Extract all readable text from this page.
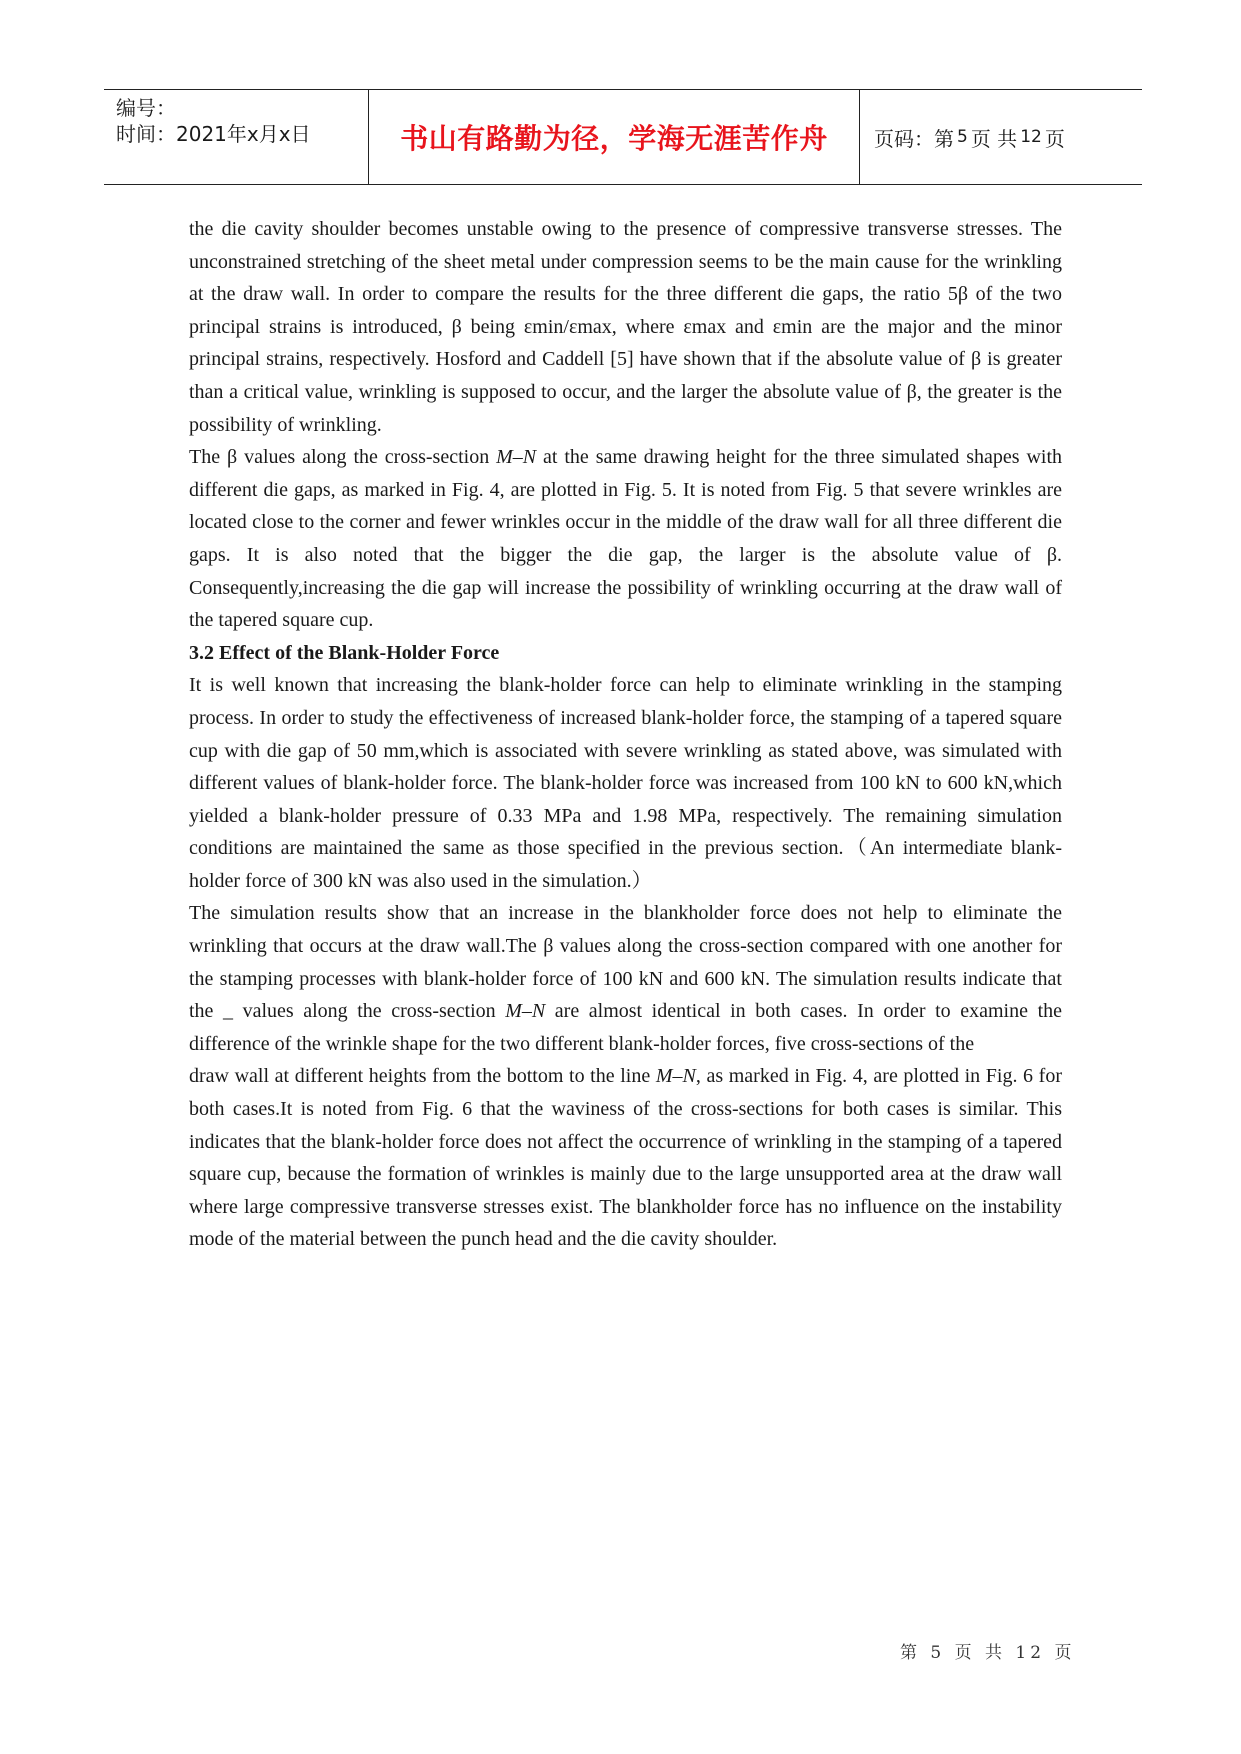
编号：
时间：2021年x月x日	书山有路勤为径，学海无涯苦作舟	页码：第 5 页 共 12 页

the die cavity shoulder becomes unstable owing to the presence of compressive transverse stresses. The unconstrained stretching of the sheet metal under compression seems to be the main cause for the wrinkling at the draw wall. In order to compare the results for the three different die gaps, the ratio 5β of the two principal strains is introduced, β being εmin/εmax, where εmax and εmin are the major and the minor principal strains, respectively. Hosford and Caddell [5] have shown that if the absolute value of β is greater than a critical value, wrinkling is supposed to occur, and the larger the absolute value of β, the greater is the possibility of wrinkling.

The β values along the cross-section M–N at the same drawing height for the three simulated shapes with different die gaps, as marked in Fig. 4, are plotted in Fig. 5. It is noted from Fig. 5 that severe wrinkles are located close to the corner and fewer wrinkles occur in the middle of the draw wall for all three different die gaps. It is also noted that the bigger the die gap, the larger is the absolute value of β. Consequently,increasing the die gap will increase the possibility of wrinkling occurring at the draw wall of the tapered square cup.

3.2 Effect of the Blank-Holder Force

It is well known that increasing the blank-holder force can help to eliminate wrinkling in the stamping process. In order to study the effectiveness of increased blank-holder force, the stamping of a tapered square cup with die gap of 50 mm,which is associated with severe wrinkling as stated above, was simulated with different values of blank-holder force. The blank-holder force was increased from 100 kN to 600 kN,which yielded a blank-holder pressure of 0.33 MPa and 1.98 MPa, respectively. The remaining simulation conditions are maintained the same as those specified in the previous section.（An intermediate blank-holder force of 300 kN was also used in the simulation.）

The simulation results show that an increase in the blankholder force does not help to eliminate the wrinkling that occurs at the draw wall.The β values along the cross-section compared with one another for the stamping processes with blank-holder force of 100 kN and 600 kN. The simulation results indicate that the _ values along the cross-section M–N are almost identical in both cases. In order to examine the difference of the wrinkle shape for the two different blank-holder forces, five cross-sections of the

draw wall at different heights from the bottom to the line M–N, as marked in Fig. 4, are plotted in Fig. 6 for both cases.It is noted from Fig. 6 that the waviness of the cross-sections for both cases is similar. This indicates that the blank-holder force does not affect the occurrence of wrinkling in the stamping of a tapered square cup, because the formation of wrinkles is mainly due to the large unsupported area at the draw wall where large compressive transverse stresses exist. The blankholder force has no influence on the instability mode of the material between the punch head and the die cavity shoulder.

第 5 页 共 12 页
